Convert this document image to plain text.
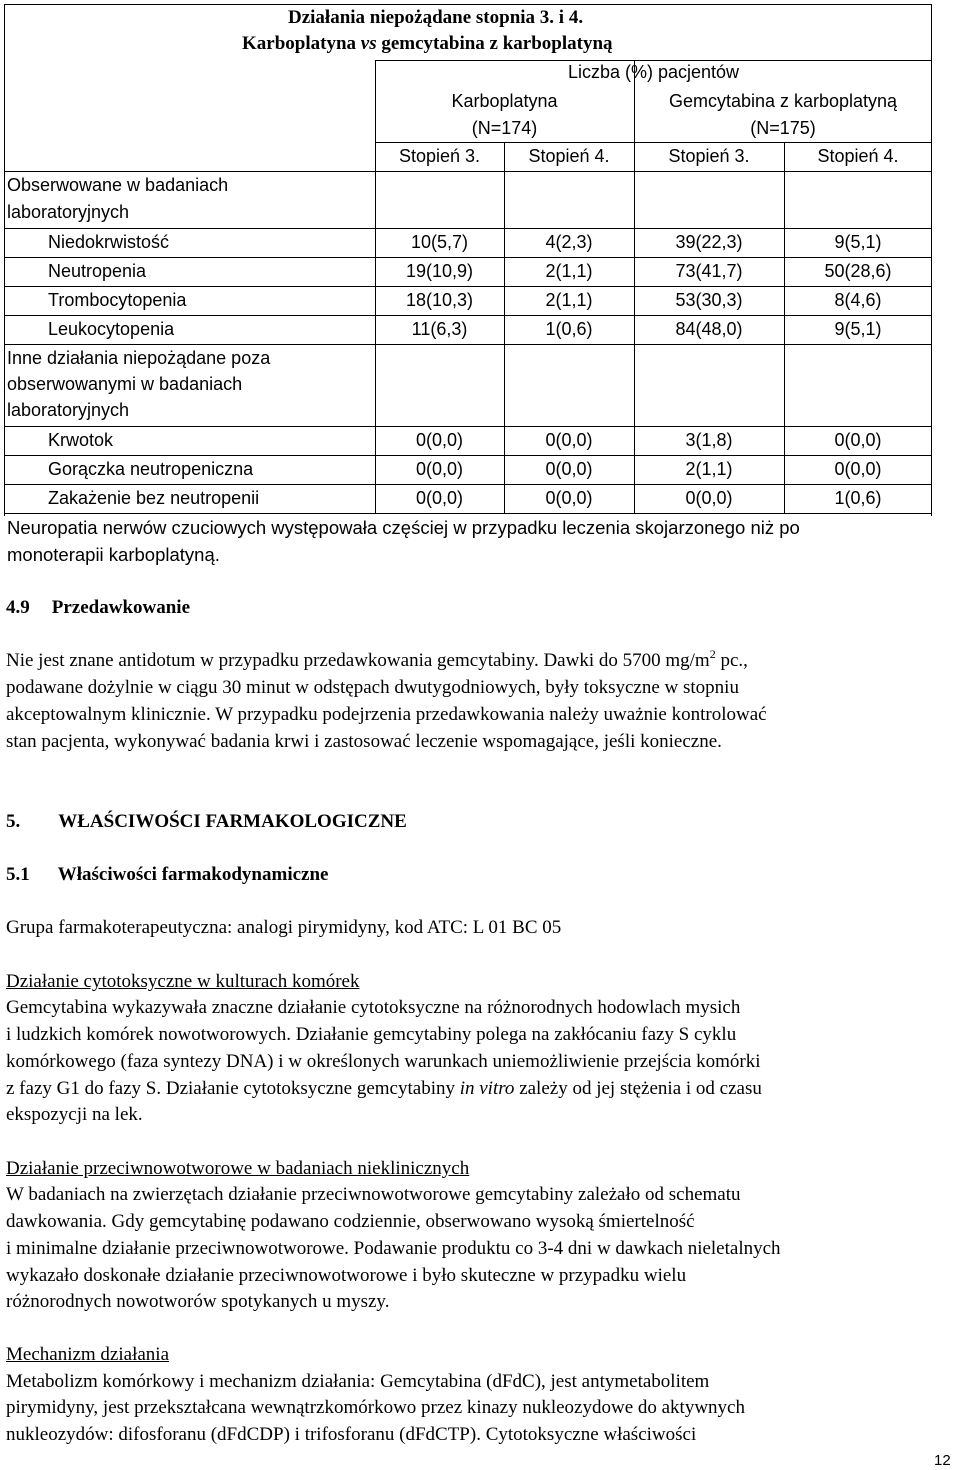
Działania niepożądane stopnia 3. i 4.
Karboplatyna vs gemcytabina z karboplatyną
Liczba (%) pacjentów
Karboplatyna
(N=174)
Gemcytabina z karboplatyną
(N=175)
Stopień 3.	Stopień 4.	Stopień 3.	Stopień 4.
Obserwowane w badaniach
laboratoryjnych
Niedokrwistość	10(5,7)	4(2,3)	39(22,3)	9(5,1)
Neutropenia	19(10,9)	2(1,1)	73(41,7)	50(28,6)
Trombocytopenia	18(10,3)	2(1,1)	53(30,3)	8(4,6)
Leukocytopenia	11(6,3)	1(0,6)	84(48,0)	9(5,1)
Inne działania niepożądane poza
obserwowanymi w badaniach
laboratoryjnych
Krwotok	0(0,0)	0(0,0)	3(1,8)	0(0,0)
Gorączka neutropeniczna	0(0,0)	0(0,0)	2(1,1)	0(0,0)
Zakażenie bez neutropenii	0(0,0)	0(0,0)	0(0,0)	1(0,6)
Neuropatia nerwów czuciowych występowała częściej w przypadku leczenia skojarzonego niż po
monoterapii karboplatyną.
4.9 Przedawkowanie
Nie jest znane antidotum w przypadku przedawkowania gemcytabiny. Dawki do 5700 $mg/m^2$ pc.,
podawane dożylnie w ciągu 30 minut w odstępach dwutygodniowych, były toksyczne w stopniu
akceptowalnym klinicznie. W przypadku podejrzenia przedawkowania należy uważnie kontrolować
stan pacjenta, wykonywać badania krwi i zastosować leczenie wspomagające, jeśli konieczne.
5. WŁAŚCIWOŚCI FARMAKOLOGICZNE
5.1 Właściwości farmakodynamiczne
Grupa farmakoterapeutyczna: analogi pirymidyny, kod ATC: L 01 BC 05
Działanie cytotoksyczne w kulturach komórek
Gemcytabina wykazywała znaczne działanie cytotoksyczne na różnorodnych hodowlach mysich
i ludzkich komórek nowotworowych. Działanie gemcytabiny polega na zakłócaniu fazy S cyklu
komórkowego (faza syntezy DNA) i w określonych warunkach uniemożliwienie przejścia komórki
z fazy G1 do fazy S. Działanie cytotoksyczne gemcytabiny in vitro zależy od jej stężenia i od czasu
ekspozycji na lek.
Działanie przeciwnowotworowe w badaniach nieklinicznych
W badaniach na zwierzętach działanie przeciwnowotworowe gemcytabiny zależało od schematu
dawkowania. Gdy gemcytabinę podawano codziennie, obserwowano wysoką śmiertelność
i minimalne działanie przeciwnowotworowe. Podawanie produktu co 3-4 dni w dawkach nieletalnych
wykazało doskonałe działanie przeciwnowotworowe i było skuteczne w przypadku wielu
różnorodnych nowotworów spotykanych u myszy.
Mechanizm działania
Metabolizm komórkowy i mechanizm działania: Gemcytabina (dFdC), jest antymetabolitem
pirymidyny, jest przekształcana wewnątrzkomórkowo przez kinazy nukleozydowe do aktywnych
nukleozydów: difosforanu (dFdCDP) i trifosforanu (dFdCTP). Cytotoksyczne właściwości
12
